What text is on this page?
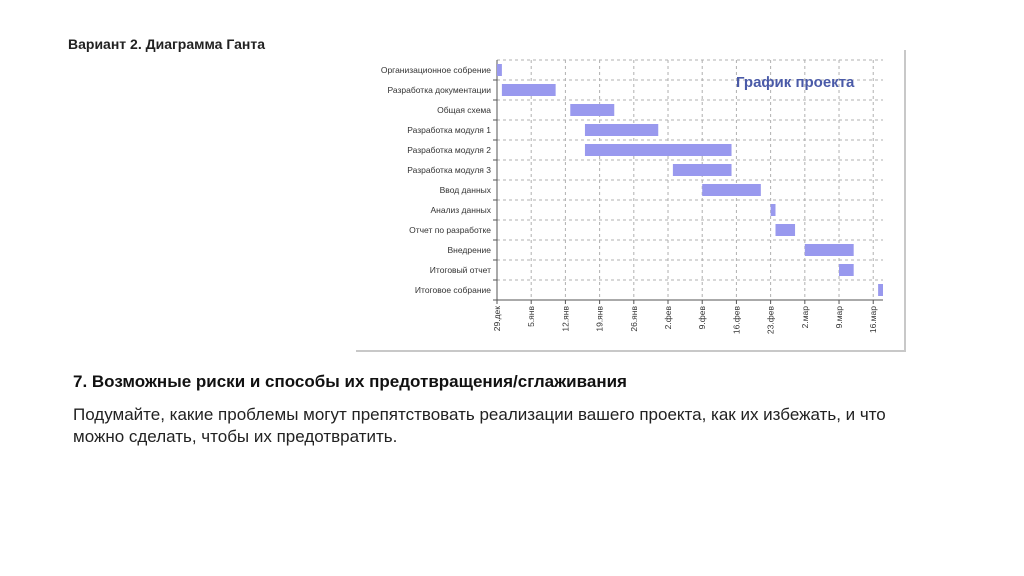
Вариант 2. Диаграмма Ганта
Организационное собрение
Разработка документации
Общая схема
Разработка модуля 1
Разработка модуля 2
Разработка модуля 3
Ввод данных
Анализ данных
Отчет по разработке
Внедрение
Итоговый отчет
Итоговое собрание
29.дек	5.янв	12.янв	19.янв	26.янв	2.фев	9.фев	16.фев	23.фев	2.мар	9.мар	16.мар
График проекта
7. Возможные риски и способы их предотвращения/сглаживания

Подумайте, какие проблемы могут препятствовать реализации вашего проекта, как их избежать, и что можно сделать, чтобы их предотвратить.
